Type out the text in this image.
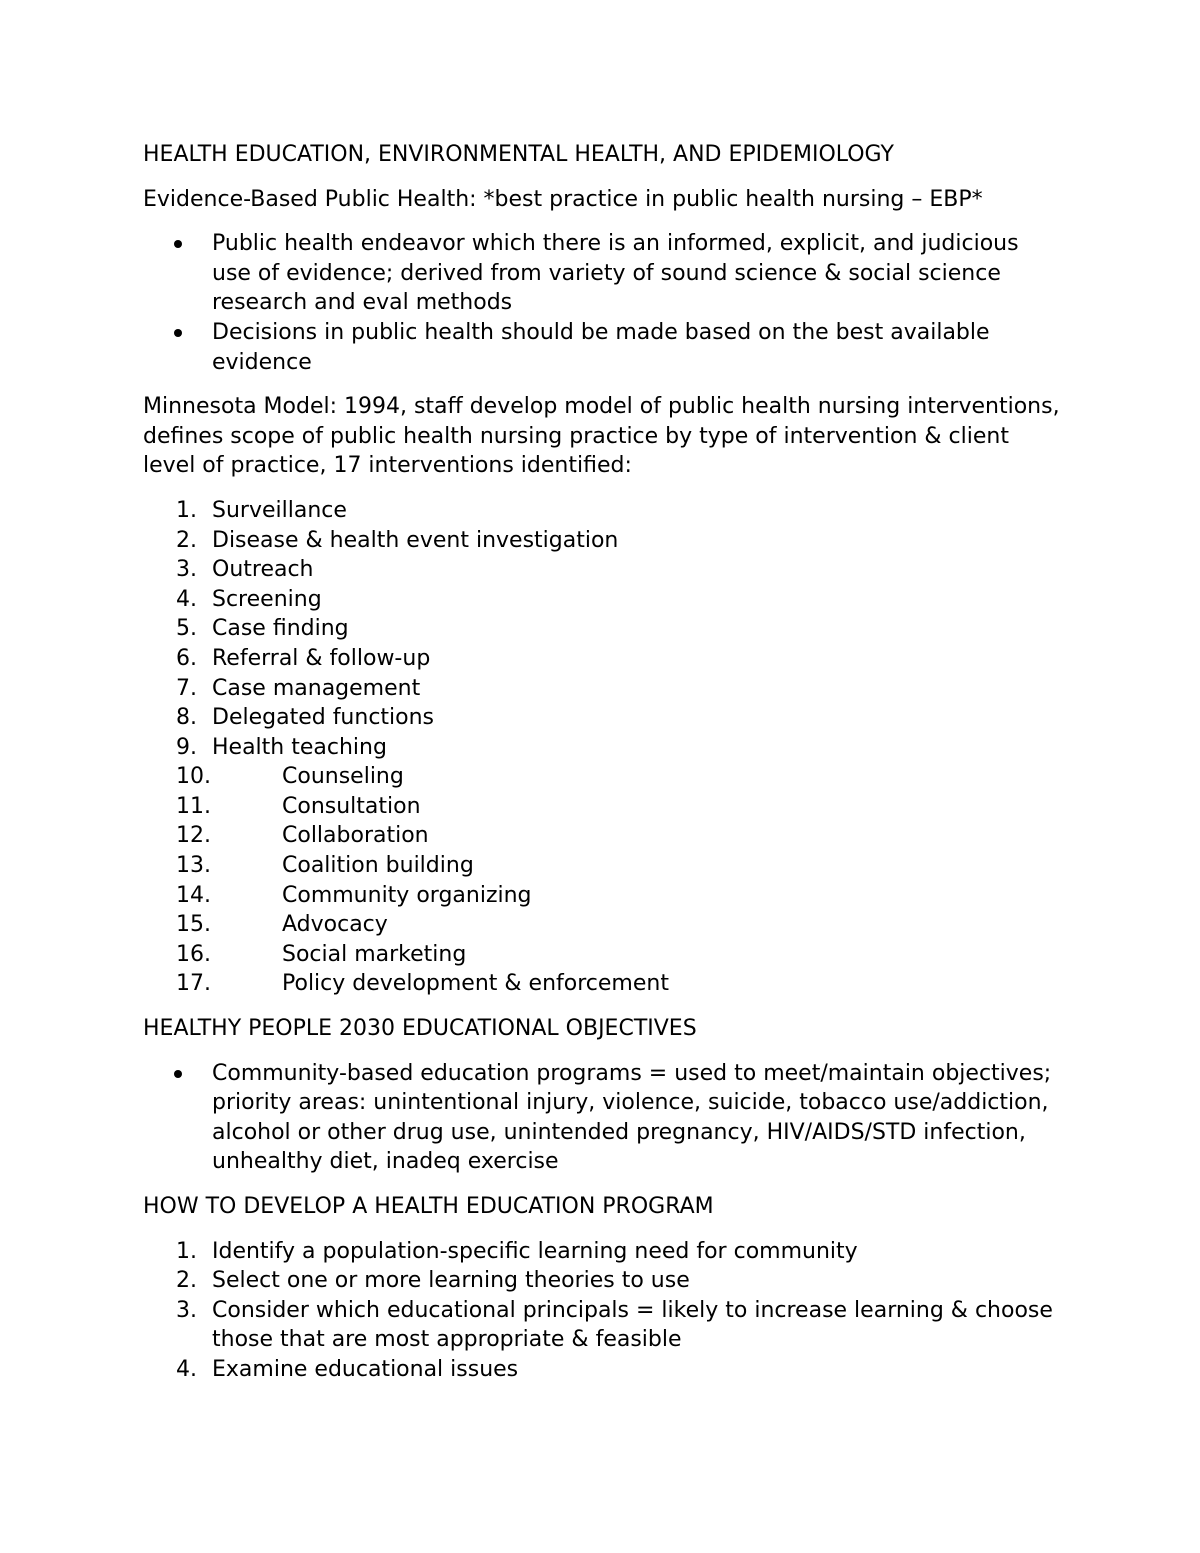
HEALTH EDUCATION, ENVIRONMENTAL HEALTH, AND EPIDEMIOLOGY

Evidence-Based Public Health: *best practice in public health nursing – EBP*

Public health endeavor which there is an informed, explicit, and judicious use of evidence; derived from variety of sound science & social science research and eval methods
Decisions in public health should be made based on the best available evidence

Minnesota Model: 1994, staff develop model of public health nursing interventions, defines scope of public health nursing practice by type of intervention & client level of practice, 17 interventions identified:

1. Surveillance
2. Disease & health event investigation
3. Outreach
4. Screening
5. Case finding
6. Referral & follow-up
7. Case management
8. Delegated functions
9. Health teaching
10.	Counseling
11.	Consultation
12.	Collaboration
13.	Coalition building
14.	Community organizing
15.	Advocacy
16.	Social marketing
17.	Policy development & enforcement

HEALTHY PEOPLE 2030 EDUCATIONAL OBJECTIVES

Community-based education programs = used to meet/maintain objectives; priority areas: unintentional injury, violence, suicide, tobacco use/addiction, alcohol or other drug use, unintended pregnancy, HIV/AIDS/STD infection, unhealthy diet, inadeq exercise

HOW TO DEVELOP A HEALTH EDUCATION PROGRAM

1. Identify a population-specific learning need for community
2. Select one or more learning theories to use
3. Consider which educational principals = likely to increase learning & choose those that are most appropriate & feasible
4. Examine educational issues
